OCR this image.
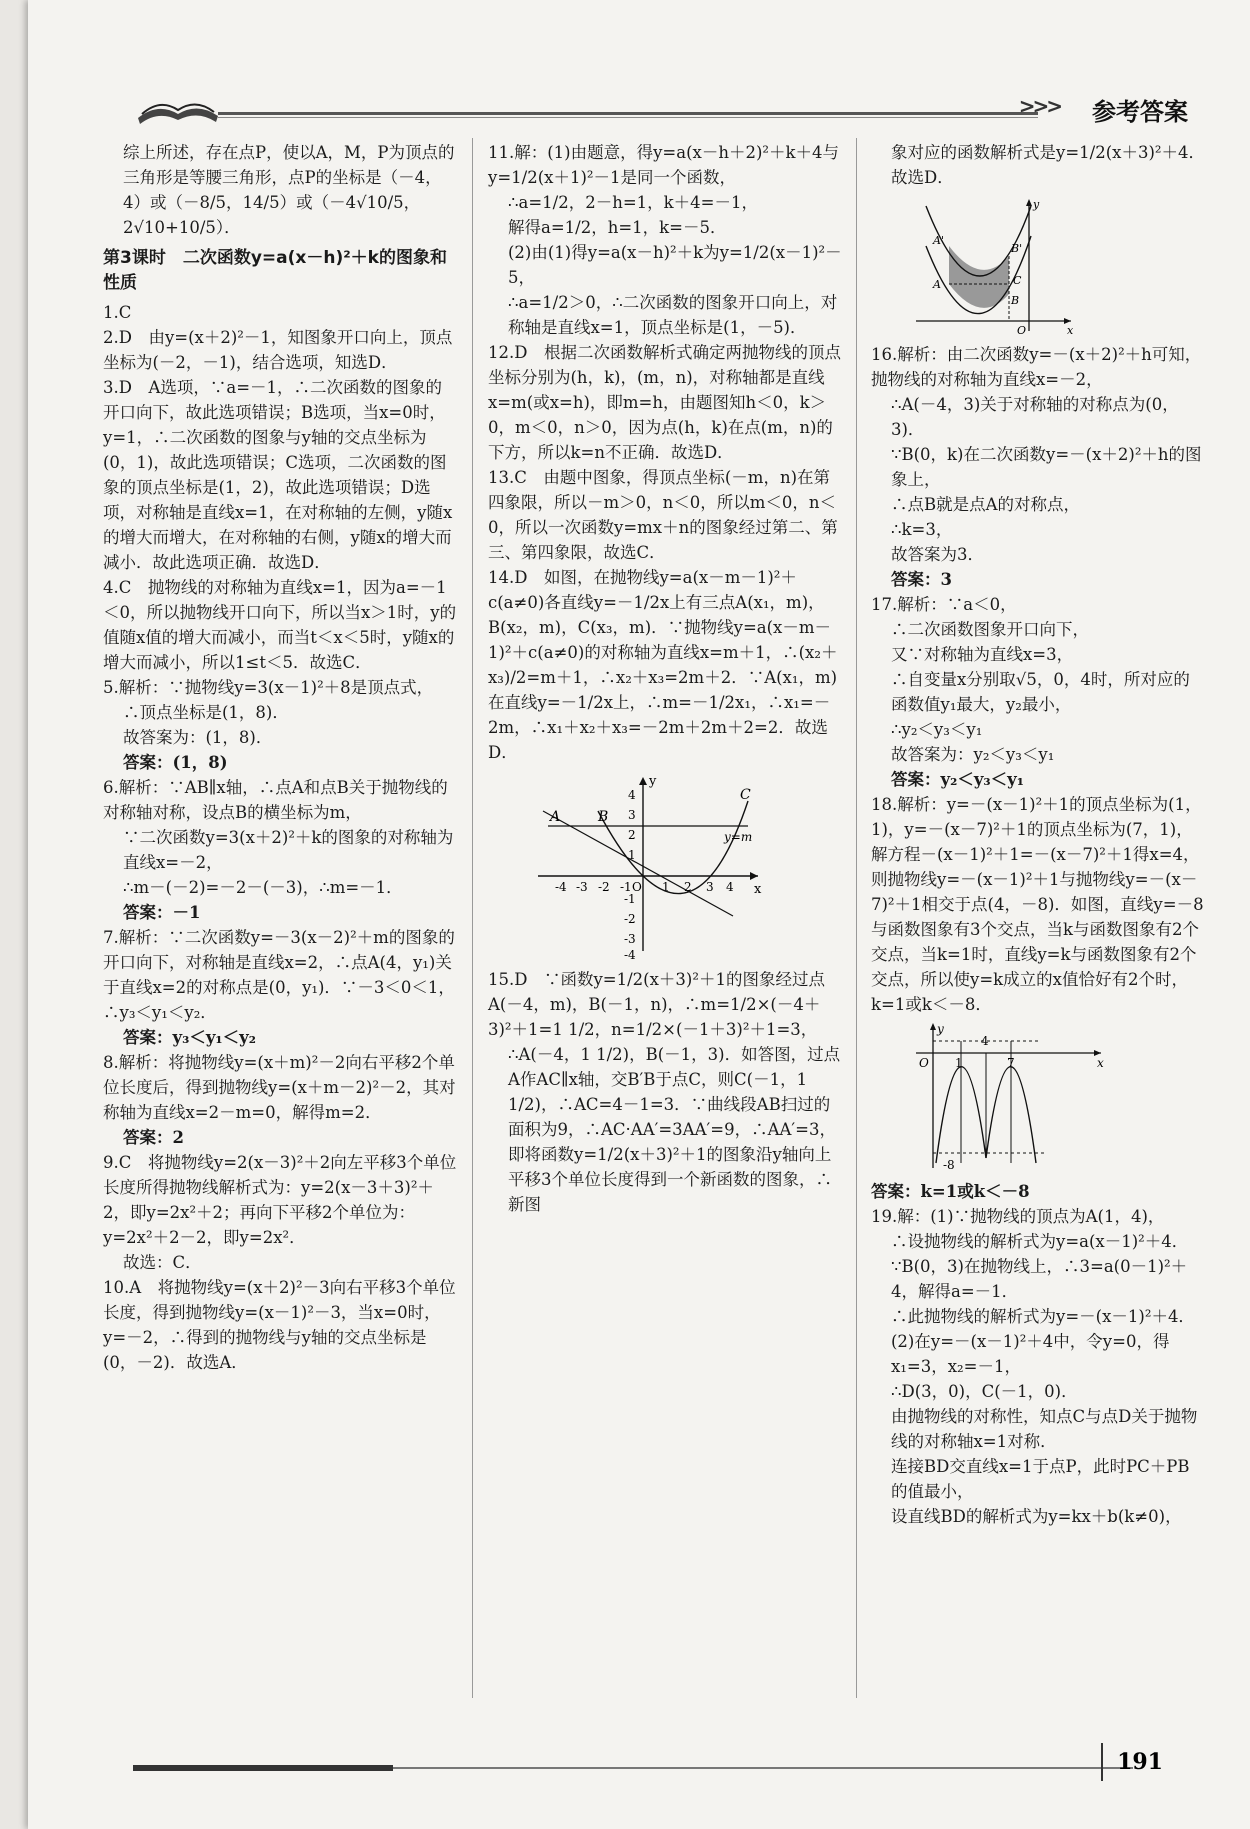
>>> 参考答案

综上所述，存在点P，使以A，M，P为顶点的三角形是等腰三角形，点P的坐标是（－4，4）或（－8/5，14/5）或（－4√10/5，2√10+10/5）．

第3课时　二次函数y=a(x－h)²＋k的图象和性质

1.C

2.D　由y=(x＋2)²－1，知图象开口向上，顶点坐标为(－2，－1)，结合选项，知选D．

3.D　A选项，∵a=－1，∴二次函数的图象的开口向下，故此选项错误；B选项，当x=0时，y=1，∴二次函数的图象与y轴的交点坐标为(0，1)，故此选项错误；C选项，二次函数的图象的顶点坐标是(1，2)，故此选项错误；D选项，对称轴是直线x=1，在对称轴的左侧，y随x的增大而增大，在对称轴的右侧，y随x的增大而减小．故此选项正确．故选D．

4.C　抛物线的对称轴为直线x=1，因为a=－1＜0，所以抛物线开口向下，所以当x＞1时，y的值随x值的增大而减小，而当t＜x＜5时，y随x的增大而减小，所以1≤t＜5．故选C．

5.解析：∵抛物线y=3(x－1)²＋8是顶点式，

∴顶点坐标是(1，8)．

故答案为：(1，8)．

答案：(1，8)

6.解析：∵AB∥x轴，∴点A和点B关于抛物线的对称轴对称，设点B的横坐标为m，

∵二次函数y=3(x＋2)²＋k的图象的对称轴为直线x=－2，

∴m－(－2)=－2－(－3)，∴m=－1．

答案：－1

7.解析：∵二次函数y=－3(x－2)²＋m的图象的开口向下，对称轴是直线x=2，∴点A(4，y₁)关于直线x=2的对称点是(0，y₁)．∵－3＜0＜1，∴y₃＜y₁＜y₂．

答案：y₃＜y₁＜y₂

8.解析：将抛物线y=(x＋m)²－2向右平移2个单位长度后，得到抛物线y=(x＋m－2)²－2，其对称轴为直线x=2－m=0，解得m=2．

答案：2

9.C　将抛物线y=2(x－3)²＋2向左平移3个单位长度所得抛物线解析式为：y=2(x－3＋3)²＋2，即y=2x²＋2；再向下平移2个单位为：y=2x²＋2－2，即y=2x²．

故选：C．

10.A　将抛物线y=(x＋2)²－3向右平移3个单位长度，得到抛物线y=(x－1)²－3，当x=0时，y=－2，∴得到的抛物线与y轴的交点坐标是(0，－2)．故选A．

11.解：(1)由题意，得y=a(x－h＋2)²＋k＋4与y=1/2(x＋1)²－1是同一个函数，

∴a=1/2，2－h=1，k＋4=－1，

解得a=1/2，h=1，k=－5．

(2)由(1)得y=a(x－h)²＋k为y=1/2(x－1)²－5，

∴a=1/2＞0，∴二次函数的图象开口向上，对称轴是直线x=1，顶点坐标是(1，－5)．

12.D　根据二次函数解析式确定两抛物线的顶点坐标分别为(h，k)，(m，n)，对称轴都是直线x=m(或x=h)，即m=h，由题图知h＜0，k＞0，m＜0，n＞0，因为点(h，k)在点(m，n)的下方，所以k=n不正确．故选D．

13.C　由题中图象，得顶点坐标(－m，n)在第四象限，所以－m＞0，n＜0，所以m＜0，n＜0，所以一次函数y=mx＋n的图象经过第二、第三、第四象限，故选C．

14.D　如图，在抛物线y=a(x－m－1)²＋c(a≠0)各直线y=－1/2x上有三点A(x₁，m)，B(x₂，m)，C(x₃，m)．∵抛物线y=a(x－m－1)²＋c(a≠0)的对称轴为直线x=m＋1，∴(x₂＋x₃)/2=m＋1，∴x₂＋x₃=2m＋2．∵A(x₁，m)在直线y=－1/2x上，∴m=－1/2x₁，∴x₁=－2m，∴x₁＋x₂＋x₃=－2m＋2m＋2=2．故选D．

x
y
-4 -3 -2 -1 O 1 2 3 4
4
3
2
1
-1
-2
-3
-4
A	B
C
y=m

15.D　∵函数y=1/2(x＋3)²＋1的图象经过点A(－4，m)，B(－1，n)，∴m=1/2×(－4＋3)²＋1=1 1/2，n=1/2×(－1＋3)²＋1=3，

∴A(－4，1 1/2)，B(－1，3)．如答图，过点A作AC∥x轴，交B′B于点C，则C(－1，1 1/2)，∴AC=4－1=3．∵曲线段AB扫过的面积为9，∴AC·AA′=3AA′=9，∴AA′=3，即将函数y=1/2(x＋3)²＋1的图象沿y轴向上平移3个单位长度得到一个新函数的图象，∴新图

象对应的函数解析式是y=1/2(x＋3)²＋4．故选D．

A'
B'
A
B
C
O	x
y

16.解析：由二次函数y=－(x＋2)²＋h可知，抛物线的对称轴为直线x=－2，

∴A(－4，3)关于对称轴的对称点为(0，3)．

∵B(0，k)在二次函数y=－(x＋2)²＋h的图象上，

∴点B就是点A的对称点，

∴k=3，

故答案为3．

答案：3

17.解析：∵a＜0，

∴二次函数图象开口向下，

又∵对称轴为直线x=3，

∴自变量x分别取√5，0，4时，所对应的函数值y₁最大，y₂最小，

∴y₂＜y₃＜y₁

故答案为：y₂＜y₃＜y₁

答案：y₂＜y₃＜y₁

18.解析：y=－(x－1)²＋1的顶点坐标为(1，1)，y=－(x－7)²＋1的顶点坐标为(7，1)，解方程－(x－1)²＋1=－(x－7)²＋1得x=4，则抛物线y=－(x－1)²＋1与抛物线y=－(x－7)²＋1相交于点(4，－8)．如图，直线y=－8与函数图象有3个交点，当k与函数图象有2个交点，当k=1时，直线y=k与函数图象有2个交点，所以使y=k成立的x值恰好有2个时，k=1或k＜－8．

y
O 1
4
7	x
-8

答案：k=1或k＜－8

19.解：(1)∵抛物线的顶点为A(1，4)，

∴设抛物线的解析式为y=a(x－1)²＋4．

∵B(0，3)在抛物线上，∴3=a(0－1)²＋4，解得a=－1．

∴此抛物线的解析式为y=－(x－1)²＋4．

(2)在y=－(x－1)²＋4中，令y=0，得x₁=3，x₂=－1，

∴D(3，0)，C(－1，0)．

由抛物线的对称性，知点C与点D关于抛物线的对称轴x=1对称．

连接BD交直线x=1于点P，此时PC＋PB的值最小，

设直线BD的解析式为y=kx＋b(k≠0)，

191
